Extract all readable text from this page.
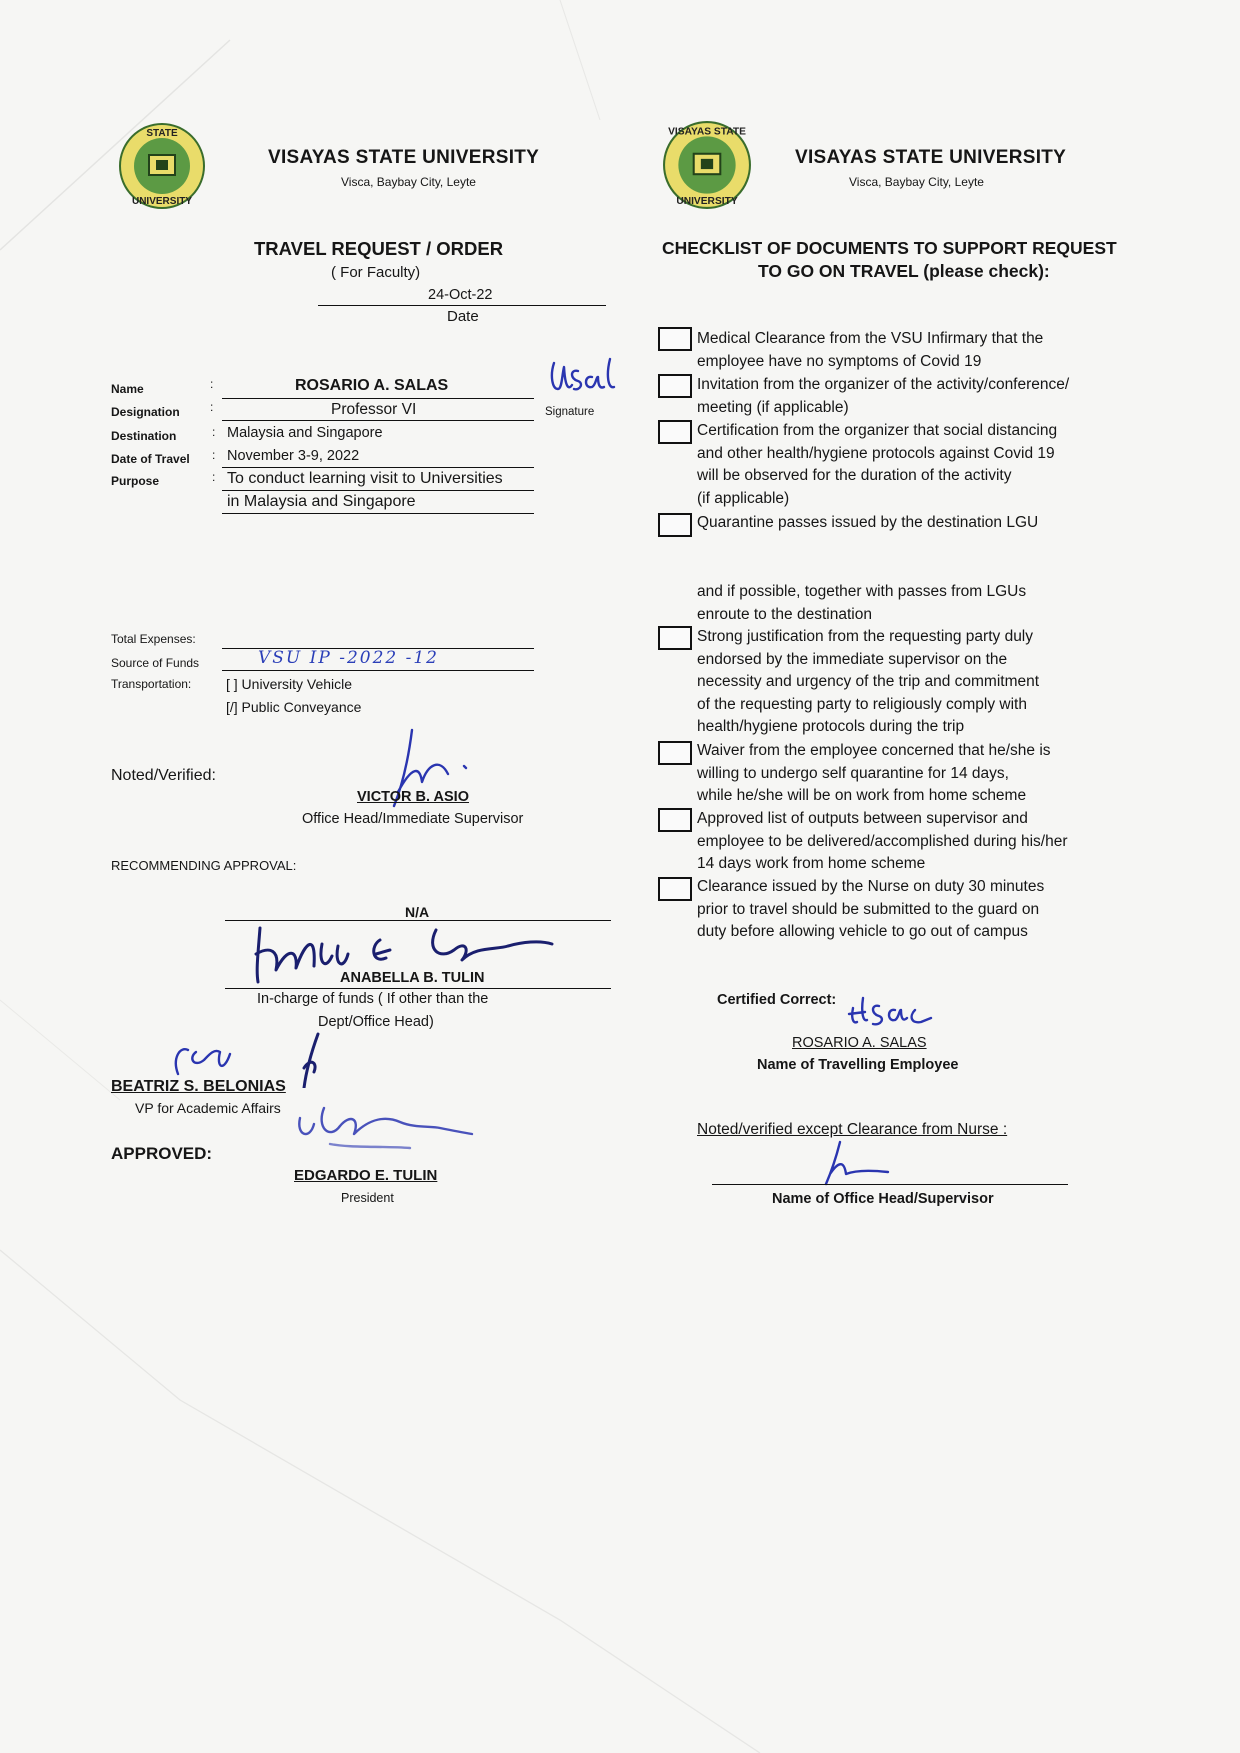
STATE
UNIVERSITY
VISAYAS STATE UNIVERSITY
Visca, Baybay City, Leyte
VISAYAS STATE
UNIVERSITY
VISAYAS STATE UNIVERSITY
Visca, Baybay City, Leyte
TRAVEL REQUEST / ORDER
( For Faculty)
24-Oct-22
Date
Name	:	ROSARIO A. SALAS
Designation	:	Professor VI	Signature
Destination	: Malaysia and Singapore
Date of Travel : November 3-9, 2022
Purpose	: To conduct learning visit to Universities
in Malaysia and Singapore
Total Expenses:
Source of Funds	VSU IP -2022 -12
Transportation: [ ] University Vehicle
[/] Public Conveyance
Noted/Verified:
VICTOR B. ASIO
Office Head/Immediate Supervisor
RECOMMENDING APPROVAL:
N/A
ANABELLA B. TULIN
In-charge of funds ( If other than the
Dept/Office Head)
BEATRIZ S. BELONIAS
VP for Academic Affairs
APPROVED:
EDGARDO E. TULIN
President
CHECKLIST OF DOCUMENTS TO SUPPORT REQUEST
TO GO ON TRAVEL (please check):
Medical Clearance from the VSU Infirmary that the
employee have no symptoms of Covid 19
Invitation from the organizer of the activity/conference/
meeting (if applicable)
Certification from the organizer that social distancing
and other health/hygiene protocols against Covid 19
will be observed for the duration of the activity
(if applicable)
Quarantine passes issued by the destination LGU
and if possible, together with passes from LGUs
enroute to the destination
Strong justification from the requesting party duly
endorsed by the immediate supervisor on the
necessity and urgency of the trip and commitment
of the requesting party to religiously comply with
health/hygiene protocols during the trip
Waiver from the employee concerned that he/she is
willing to undergo self quarantine for 14 days,
while he/she will be on work from home scheme
Approved list of outputs between supervisor and
employee to be delivered/accomplished during his/her
14 days work from home scheme
Clearance issued by the Nurse on duty 30 minutes
prior to travel should be submitted to the guard on
duty before allowing vehicle to go out of campus
Certified Correct:
ROSARIO A. SALAS
Name of Travelling Employee
Noted/verified except Clearance from Nurse :
Name of Office Head/Supervisor
